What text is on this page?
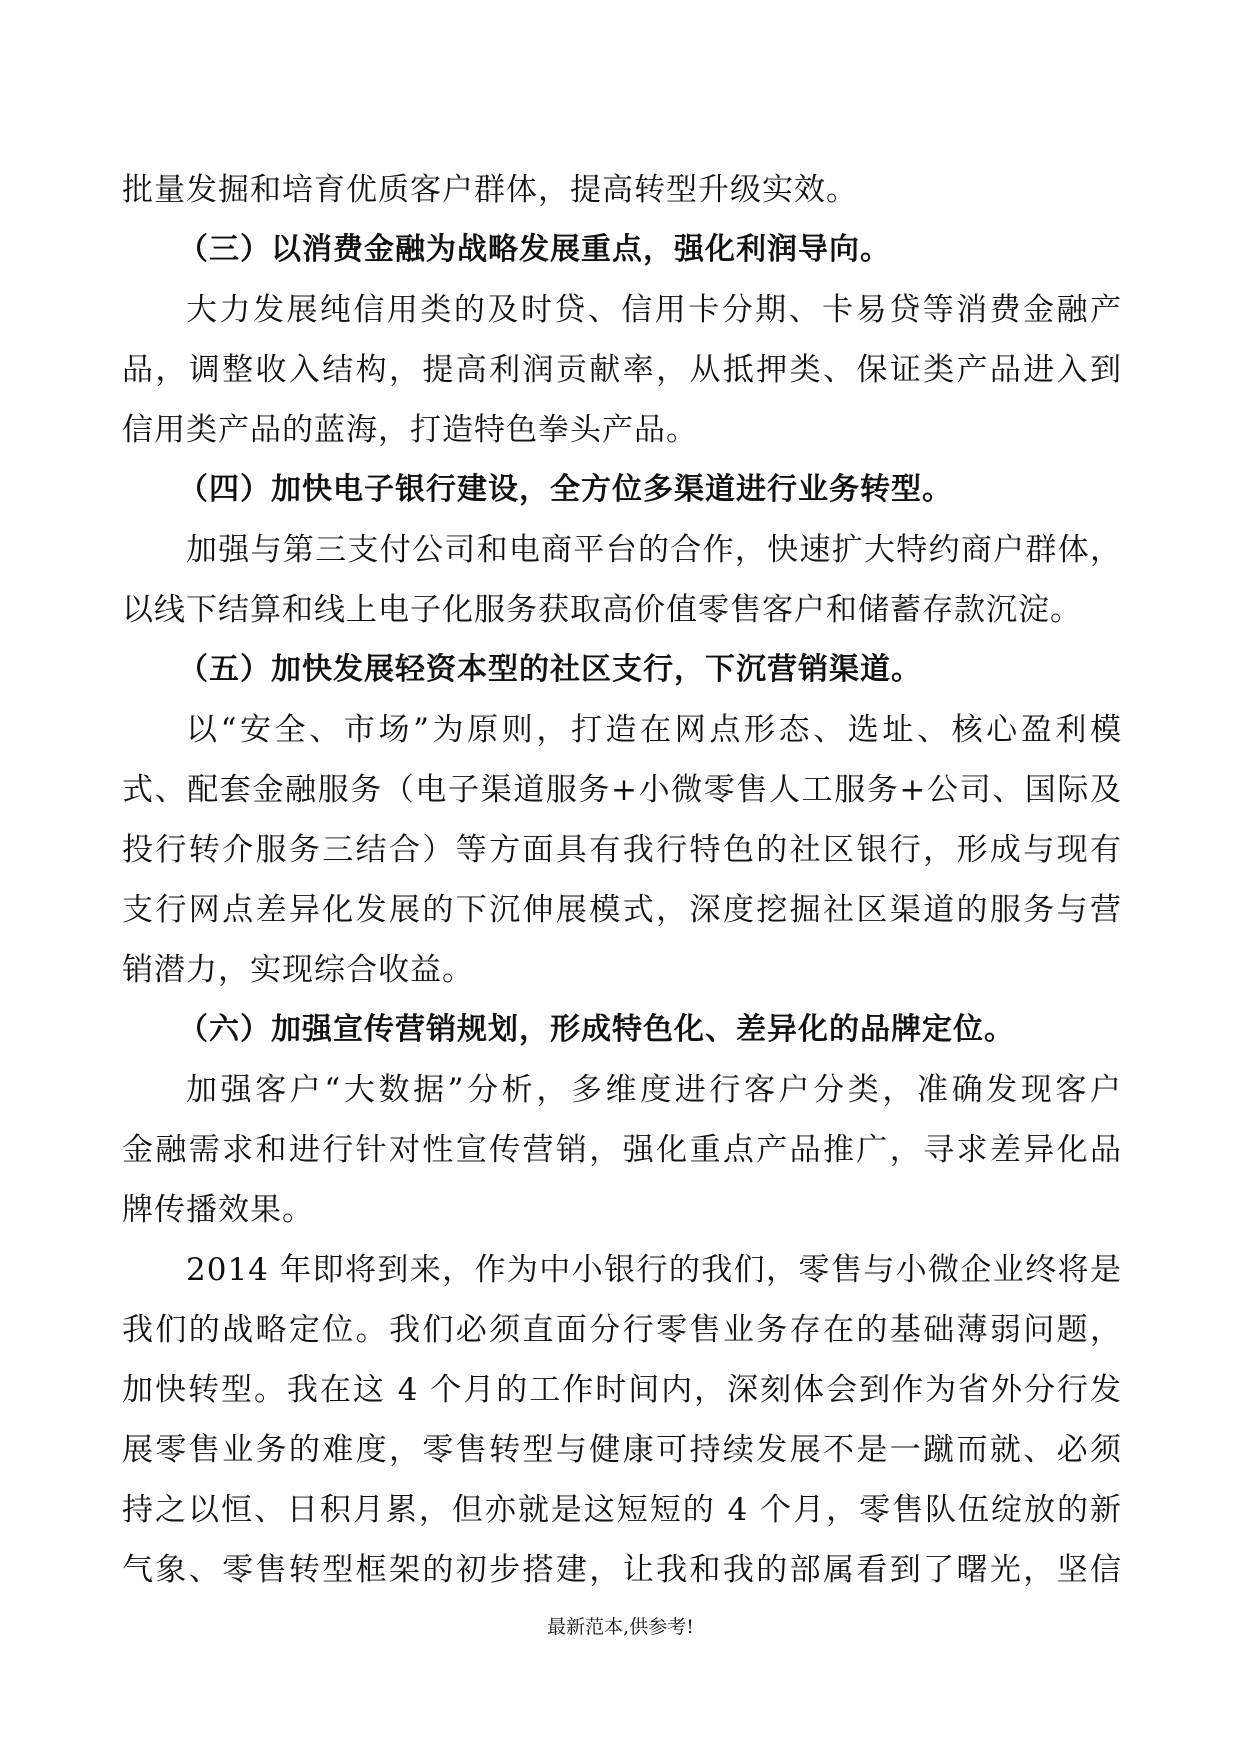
批量发掘和培育优质客户群体，提高转型升级实效。
（三）以消费金融为战略发展重点，强化利润导向。
大力发展纯信用类的及时贷、信用卡分期、卡易贷等消费金融产
品，调整收入结构，提高利润贡献率，从抵押类、保证类产品进入到
信用类产品的蓝海，打造特色拳头产品。
（四）加快电子银行建设，全方位多渠道进行业务转型。
加强与第三支付公司和电商平台的合作，快速扩大特约商户群体，
以线下结算和线上电子化服务获取高价值零售客户和储蓄存款沉淀。
（五）加快发展轻资本型的社区支行，下沉营销渠道。
以“安全、市场”为原则，打造在网点形态、选址、核心盈利模
式、配套金融服务（电子渠道服务+小微零售人工服务+公司、国际及
投行转介服务三结合）等方面具有我行特色的社区银行，形成与现有
支行网点差异化发展的下沉伸展模式，深度挖掘社区渠道的服务与营
销潜力，实现综合收益。
（六）加强宣传营销规划，形成特色化、差异化的品牌定位。
加强客户“大数据”分析，多维度进行客户分类，准确发现客户
金融需求和进行针对性宣传营销，强化重点产品推广，寻求差异化品
牌传播效果。
2014 年即将到来，作为中小银行的我们，零售与小微企业终将是
我们的战略定位。我们必须直面分行零售业务存在的基础薄弱问题，
加快转型。我在这 4 个月的工作时间内，深刻体会到作为省外分行发
展零售业务的难度，零售转型与健康可持续发展不是一蹴而就、必须
持之以恒、日积月累，但亦就是这短短的 4 个月，零售队伍绽放的新
气象、零售转型框架的初步搭建，让我和我的部属看到了曙光，坚信
最新范本,供参考!
